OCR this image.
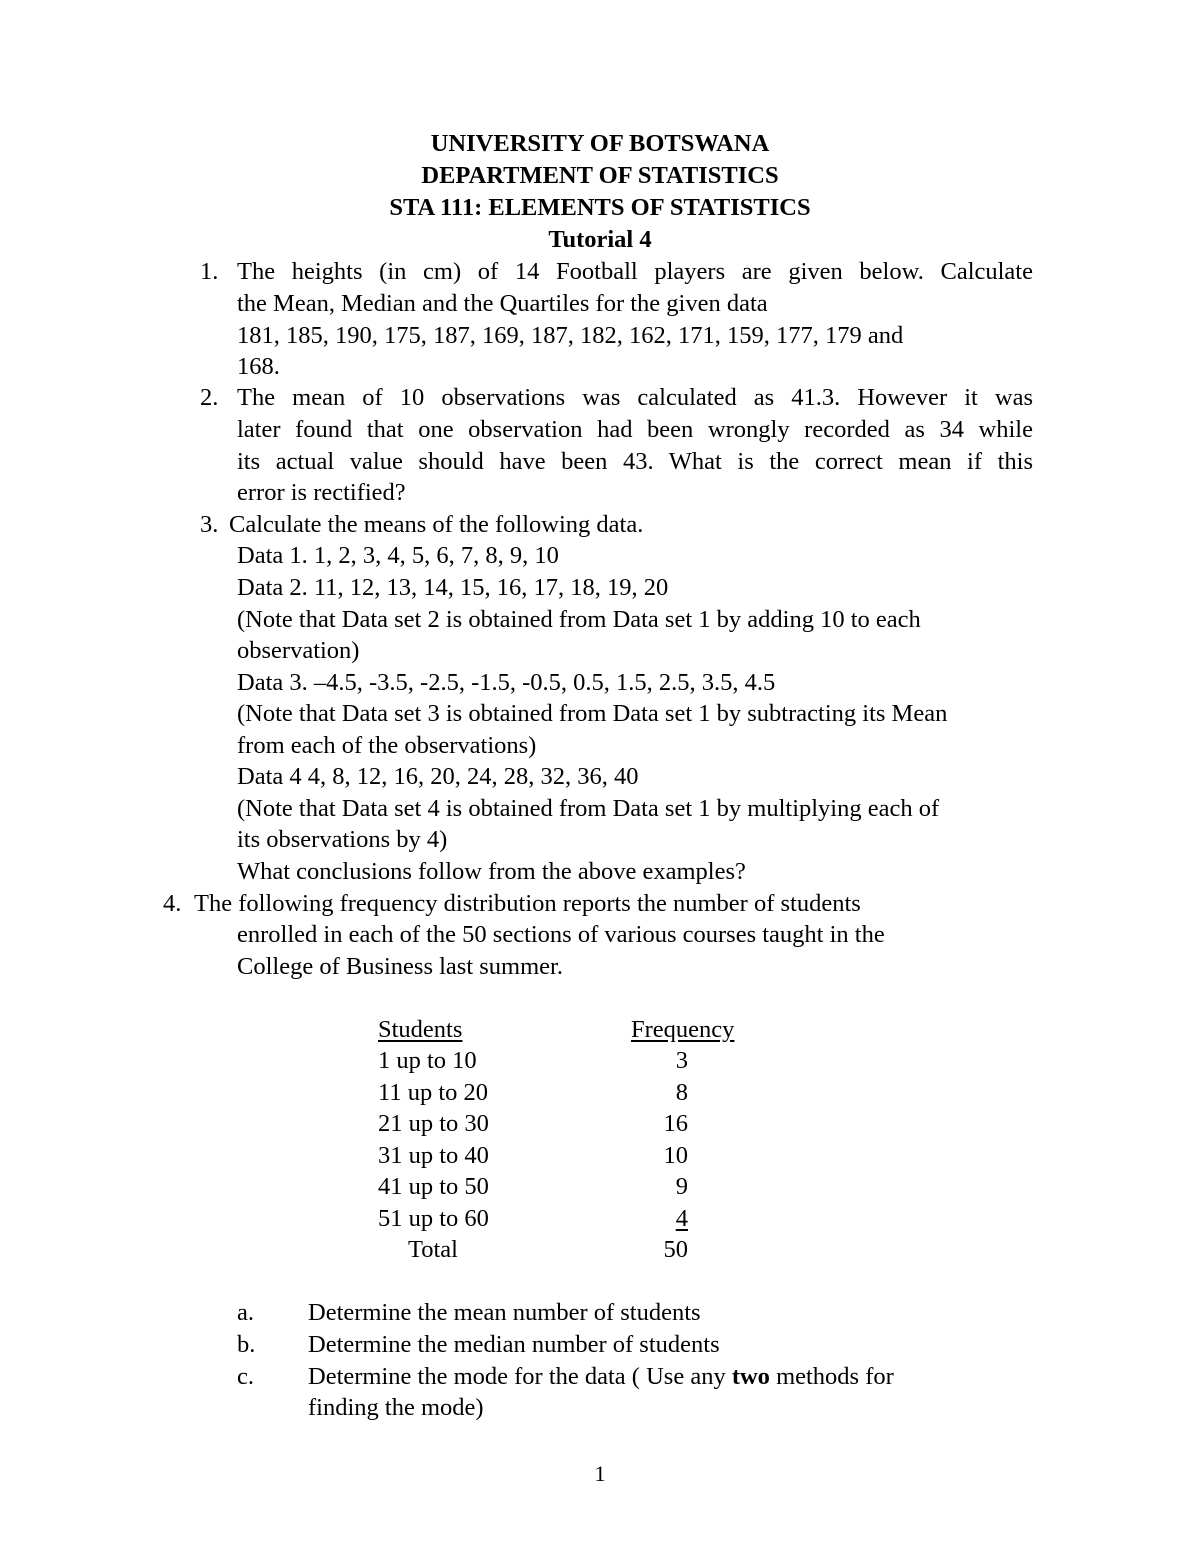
UNIVERSITY OF BOTSWANA
DEPARTMENT OF STATISTICS
STA 111: ELEMENTS OF STATISTICS
Tutorial 4
1. The heights (in cm) of 14 Football players are given below. Calculate
the Mean, Median and the Quartiles for the given data
181, 185, 190, 175, 187, 169, 187, 182, 162, 171, 159, 177, 179 and
168.
2. The mean of 10 observations was calculated as 41.3. However it was
later found that one observation had been wrongly recorded as 34 while
its actual value should have been 43. What is the correct mean if this
error is rectified?
3. Calculate the means of the following data.
Data 1. 1, 2, 3, 4, 5, 6, 7, 8, 9, 10
Data 2. 11, 12, 13, 14, 15, 16, 17, 18, 19, 20
(Note that Data set 2 is obtained from Data set 1 by adding 10 to each
observation)
Data 3. –4.5, -3.5, -2.5, -1.5, -0.5, 0.5, 1.5, 2.5, 3.5, 4.5
(Note that Data set 3 is obtained from Data set 1 by subtracting its Mean
from each of the observations)
Data 4 4, 8, 12, 16, 20, 24, 28, 32, 36, 40
(Note that Data set 4 is obtained from Data set 1 by multiplying each of
its observations by 4)
What conclusions follow from the above examples?
4. The following frequency distribution reports the number of students
enrolled in each of the 50 sections of various courses taught in the
College of Business last summer.
Students	Frequency
1 up to 10	3
11 up to 20	8
21 up to 30	16
31 up to 40	10
41 up to 50	9
51 up to 60	4
Total	50
a. Determine the mean number of students
b. Determine the median number of students
c. Determine the mode for the data ( Use any two methods for
finding the mode)
1
